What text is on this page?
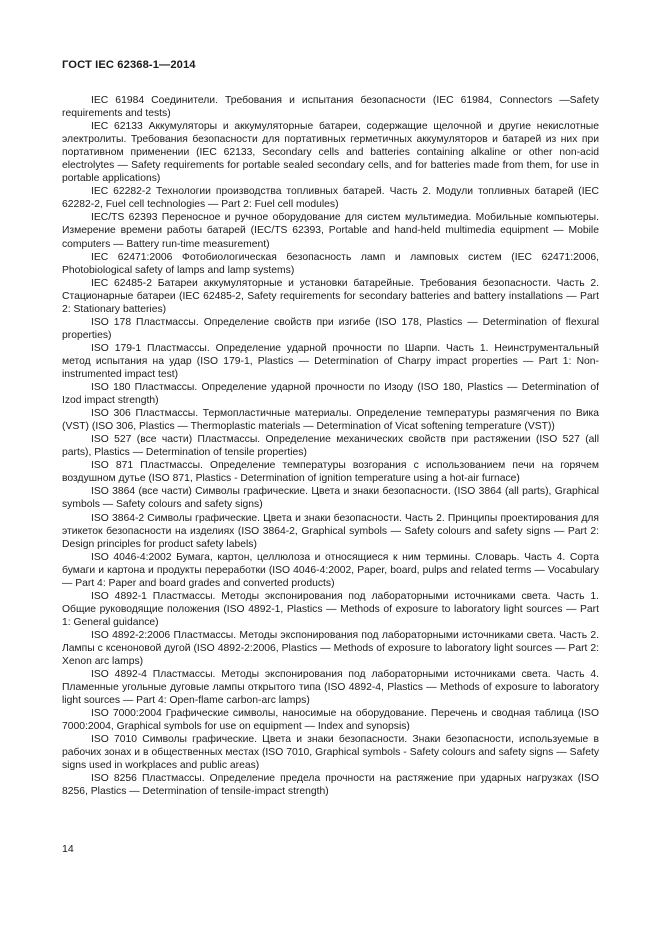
ГОСТ IEC 62368-1—2014

IEC 61984 Соединители. Требования и испытания безопасности (IEC 61984, Connectors —Safety requirements and tests)

IEC 62133 Аккумуляторы и аккумуляторные батареи, содержащие щелочной и другие некислотные электролиты. Требования безопасности для портативных герметичных аккумуляторов и батарей из них при портативном применении (IEC 62133, Secondary cells and batteries containing alkaline or other non-acid electrolytes — Safety requirements for portable sealed secondary cells, and for batteries made from them, for use in portable applications)

IEC 62282-2 Технологии производства топливных батарей. Часть 2. Модули топливных батарей (IEC 62282-2, Fuel cell technologies — Part 2: Fuel cell modules)

IEC/TS 62393 Переносное и ручное оборудование для систем мультимедиа. Мобильные компьютеры. Измерение времени работы батарей (IEC/TS 62393, Portable and hand-held multimedia equipment — Mobile computers — Battery run-time measurement)

IEC 62471:2006 Фотобиологическая безопасность ламп и ламповых систем (IEC 62471:2006, Photobiological safety of lamps and lamp systems)

IEC 62485-2 Батареи аккумуляторные и установки батарейные. Требования безопасности. Часть 2. Стационарные батареи (IEC 62485-2, Safety requirements for secondary batteries and battery installations — Part 2: Stationary batteries)

ISO 178 Пластмассы. Определение свойств при изгибе (ISO 178, Plastics — Determination of flexural properties)

ISO 179-1 Пластмассы. Определение ударной прочности по Шарпи. Часть 1. Неинструментальный метод испытания на удар (ISO 179-1, Plastics — Determination of Charpy impact properties — Part 1: Non-instrumented impact test)

ISO 180 Пластмассы. Определение ударной прочности по Изоду (ISO 180, Plastics — Determination of Izod impact strength)

ISO 306 Пластмассы. Термопластичные материалы. Определение температуры размягчения по Вика (VST) (ISO 306, Plastics — Thermoplastic materials — Determination of Vicat softening temperature (VST))

ISO 527 (все части) Пластмассы. Определение механических свойств при растяжении (ISO 527 (all parts), Plastics — Determination of tensile properties)

ISO 871 Пластмассы. Определение температуры возгорания с использованием печи на горячем воздушном дутье (ISO 871, Plastics - Determination of ignition temperature using a hot-air furnace)

ISO 3864 (все части) Символы графические. Цвета и знаки безопасности. (ISO 3864 (all parts), Graphical symbols — Safety colours and safety signs)

ISO 3864-2 Символы графические. Цвета и знаки безопасности. Часть 2. Принципы проектирования для этикеток безопасности на изделиях (ISO 3864-2, Graphical symbols — Safety colours and safety signs — Part 2: Design principles for product safety labels)

ISO 4046-4:2002 Бумага, картон, целлюлоза и относящиеся к ним термины. Словарь. Часть 4. Сорта бумаги и картона и продукты переработки (ISO 4046-4:2002, Paper, board, pulps and related terms — Vocabulary — Part 4: Paper and board grades and converted products)

ISO 4892-1 Пластмассы. Методы экспонирования под лабораторными источниками света. Часть 1. Общие руководящие положения (ISO 4892-1, Plastics — Methods of exposure to laboratory light sources — Part 1: General guidance)

ISO 4892-2:2006 Пластмассы. Методы экспонирования под лабораторными источниками света. Часть 2. Лампы с ксеноновой дугой (ISO 4892-2:2006, Plastics — Methods of exposure to laboratory light sources — Part 2: Xenon arc lamps)

ISO 4892-4 Пластмассы. Методы экспонирования под лабораторными источниками света. Часть 4. Пламенные угольные дуговые лампы открытого типа (ISO 4892-4, Plastics — Methods of exposure to laboratory light sources — Part 4: Open-flame carbon-arc lamps)

ISO 7000:2004 Графические символы, наносимые на оборудование. Перечень и сводная таблица (ISO 7000:2004, Graphical symbols for use on equipment — Index and synopsis)

ISO 7010 Символы графические. Цвета и знаки безопасности. Знаки безопасности, используемые в рабочих зонах и в общественных местах (ISO 7010, Graphical symbols - Safety colours and safety signs — Safety signs used in workplaces and public areas)

ISO 8256 Пластмассы. Определение предела прочности на растяжение при ударных нагрузках (ISO 8256, Plastics — Determination of tensile-impact strength)

14
